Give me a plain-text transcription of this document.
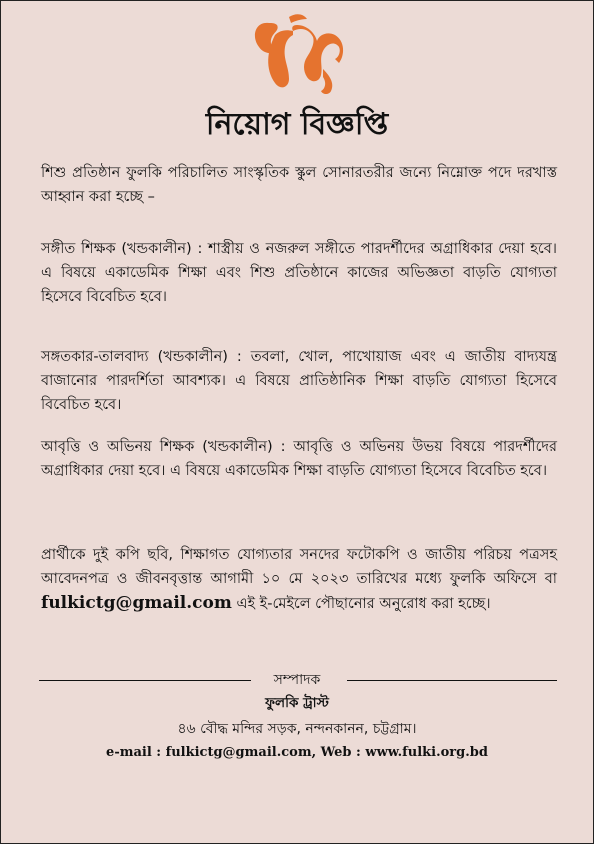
নিয়োগ বিজ্ঞপ্তি

শিশু প্রতিষ্ঠান ফুলকি পরিচালিত সাংস্কৃতিক স্কুল সোনারতরীর জন্যে নিম্নোক্ত পদে দরখাস্ত আহ্বান করা হচ্ছে –

সঙ্গীত শিক্ষক (খন্ডকালীন) : শাস্ত্রীয় ও নজরুল সঙ্গীতে পারদর্শীদের অগ্রাধিকার দেয়া হবে। এ বিষয়ে একাডেমিক শিক্ষা এবং শিশু প্রতিষ্ঠানে কাজের অভিজ্ঞতা বাড়তি যোগ্যতা হিসেবে বিবেচিত হবে।

সঙ্গতকার-তালবাদ্য (খন্ডকালীন) : তবলা, খোল, পাখোয়াজ এবং এ জাতীয় বাদ্যযন্ত্র বাজানোর পারদর্শিতা আবশ্যক। এ বিষয়ে প্রাতিষ্ঠানিক শিক্ষা বাড়তি যোগ্যতা হিসেবে বিবেচিত হবে।

আবৃত্তি ও অভিনয় শিক্ষক (খন্ডকালীন) : আবৃত্তি ও অভিনয় উভয় বিষয়ে পারদর্শীদের অগ্রাধিকার দেয়া হবে। এ বিষয়ে একাডেমিক শিক্ষা বাড়তি যোগ্যতা হিসেবে বিবেচিত হবে।

প্রার্থীকে দুই কপি ছবি, শিক্ষাগত যোগ্যতার সনদের ফটোকপি ও জাতীয় পরিচয় পত্রসহ আবেদনপত্র ও জীবনবৃত্তান্ত আগামী ১০ মে ২০২৩ তারিখের মধ্যে ফুলকি অফিসে বা fulkictg@gmail.com এই ই-মেইলে পৌছানোর অনুরোধ করা হচ্ছে।

সম্পাদক
ফুলকি ট্রাস্ট
৪৬ বৌদ্ধ মন্দির সড়ক, নন্দনকানন, চট্টগ্রাম।
e-mail : fulkictg@gmail.com, Web : www.fulki.org.bd
